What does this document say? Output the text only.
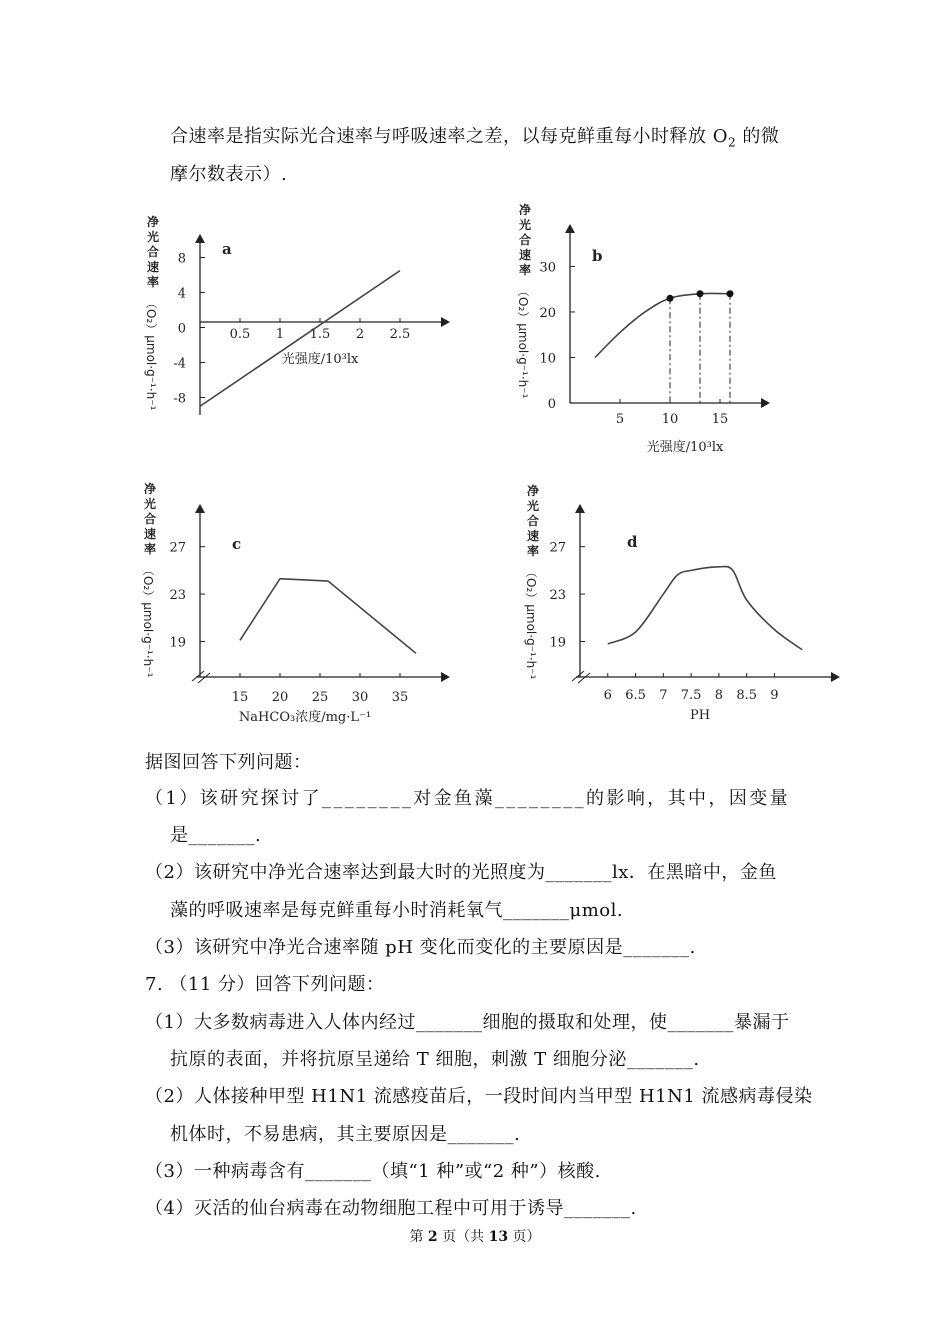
合速率是指实际光合速率与呼吸速率之差，以每克鲜重每小时释放 $O_2$ 的微
摩尔数表示）.
净
光
合
速
率
（O₂）μmol·g⁻¹·h⁻¹
净
光
合
速
率
（O₂）μmol·g⁻¹·h⁻¹
净
光
合
速
率
（O₂）μmol·g⁻¹·h⁻¹
净
光
合
速
率
（O₂）μmol·g⁻¹·h⁻¹
8
4
0
-4
-8
0.5 1 1.5 2 2.5
a
光强度/10³lx
0
10
20
30
5	10	15
b
光强度/10³lx
19
23
27
15 20 25 30 35
c
NaHCO₃浓度/mg·L⁻¹
19
23
27
6 6.5 7 7.5 8 8.5 9
d
PH
据图回答下列问题：
（1）该研究探讨了________对金鱼藻________的影响，其中，因变量
是_______.
（2）该研究中净光合速率达到最大时的光照度为_______lx．在黑暗中，金鱼
藻的呼吸速率是每克鲜重每小时消耗氧气_______μmol.
（3）该研究中净光合速率随 pH 变化而变化的主要原因是_______.
7. （11 分）回答下列问题：
（1）大多数病毒进入人体内经过_______细胞的摄取和处理，使_______暴漏于
抗原的表面，并将抗原呈递给 T 细胞，刺激 T 细胞分泌_______.
（2）人体接种甲型 H1N1 流感疫苗后，一段时间内当甲型 H1N1 流感病毒侵染
机体时，不易患病，其主要原因是_______.
（3）一种病毒含有_______（填“1 种”或“2 种”）核酸.
（4）灭活的仙台病毒在动物细胞工程中可用于诱导_______.
第 2 页（共 13 页）
